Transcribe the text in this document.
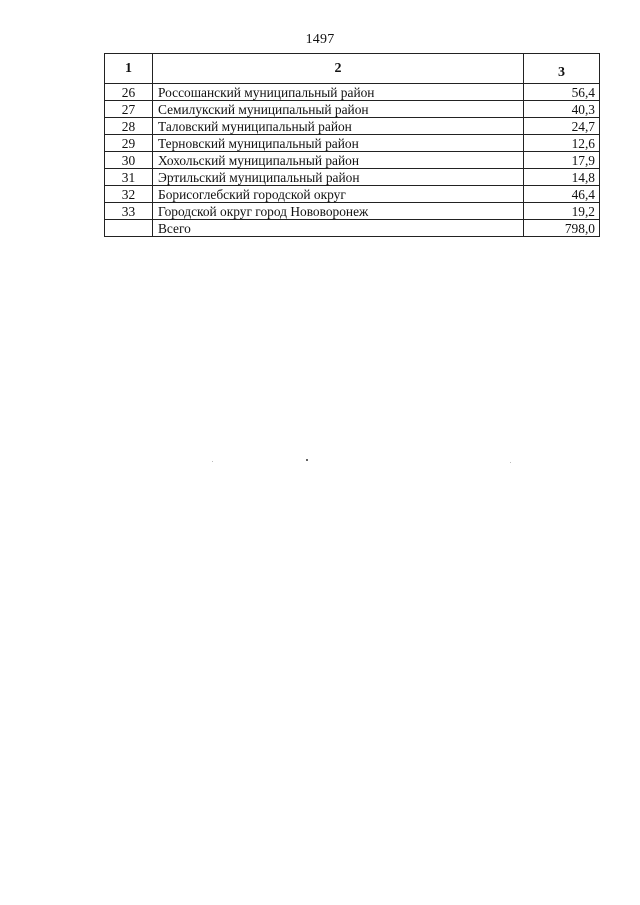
1497
1	2	3
26	Россошанский муниципальный район	56,4
27	Семилукский муниципальный район	40,3
28	Таловский муниципальный район	24,7
29	Терновский муниципальный район	12,6
30	Хохольский муниципальный район	17,9
31	Эртильский муниципальный район	14,8
32	Борисоглебский городской округ	46,4
33	Городской округ город Нововоронеж	19,2
	Всего	798,0
